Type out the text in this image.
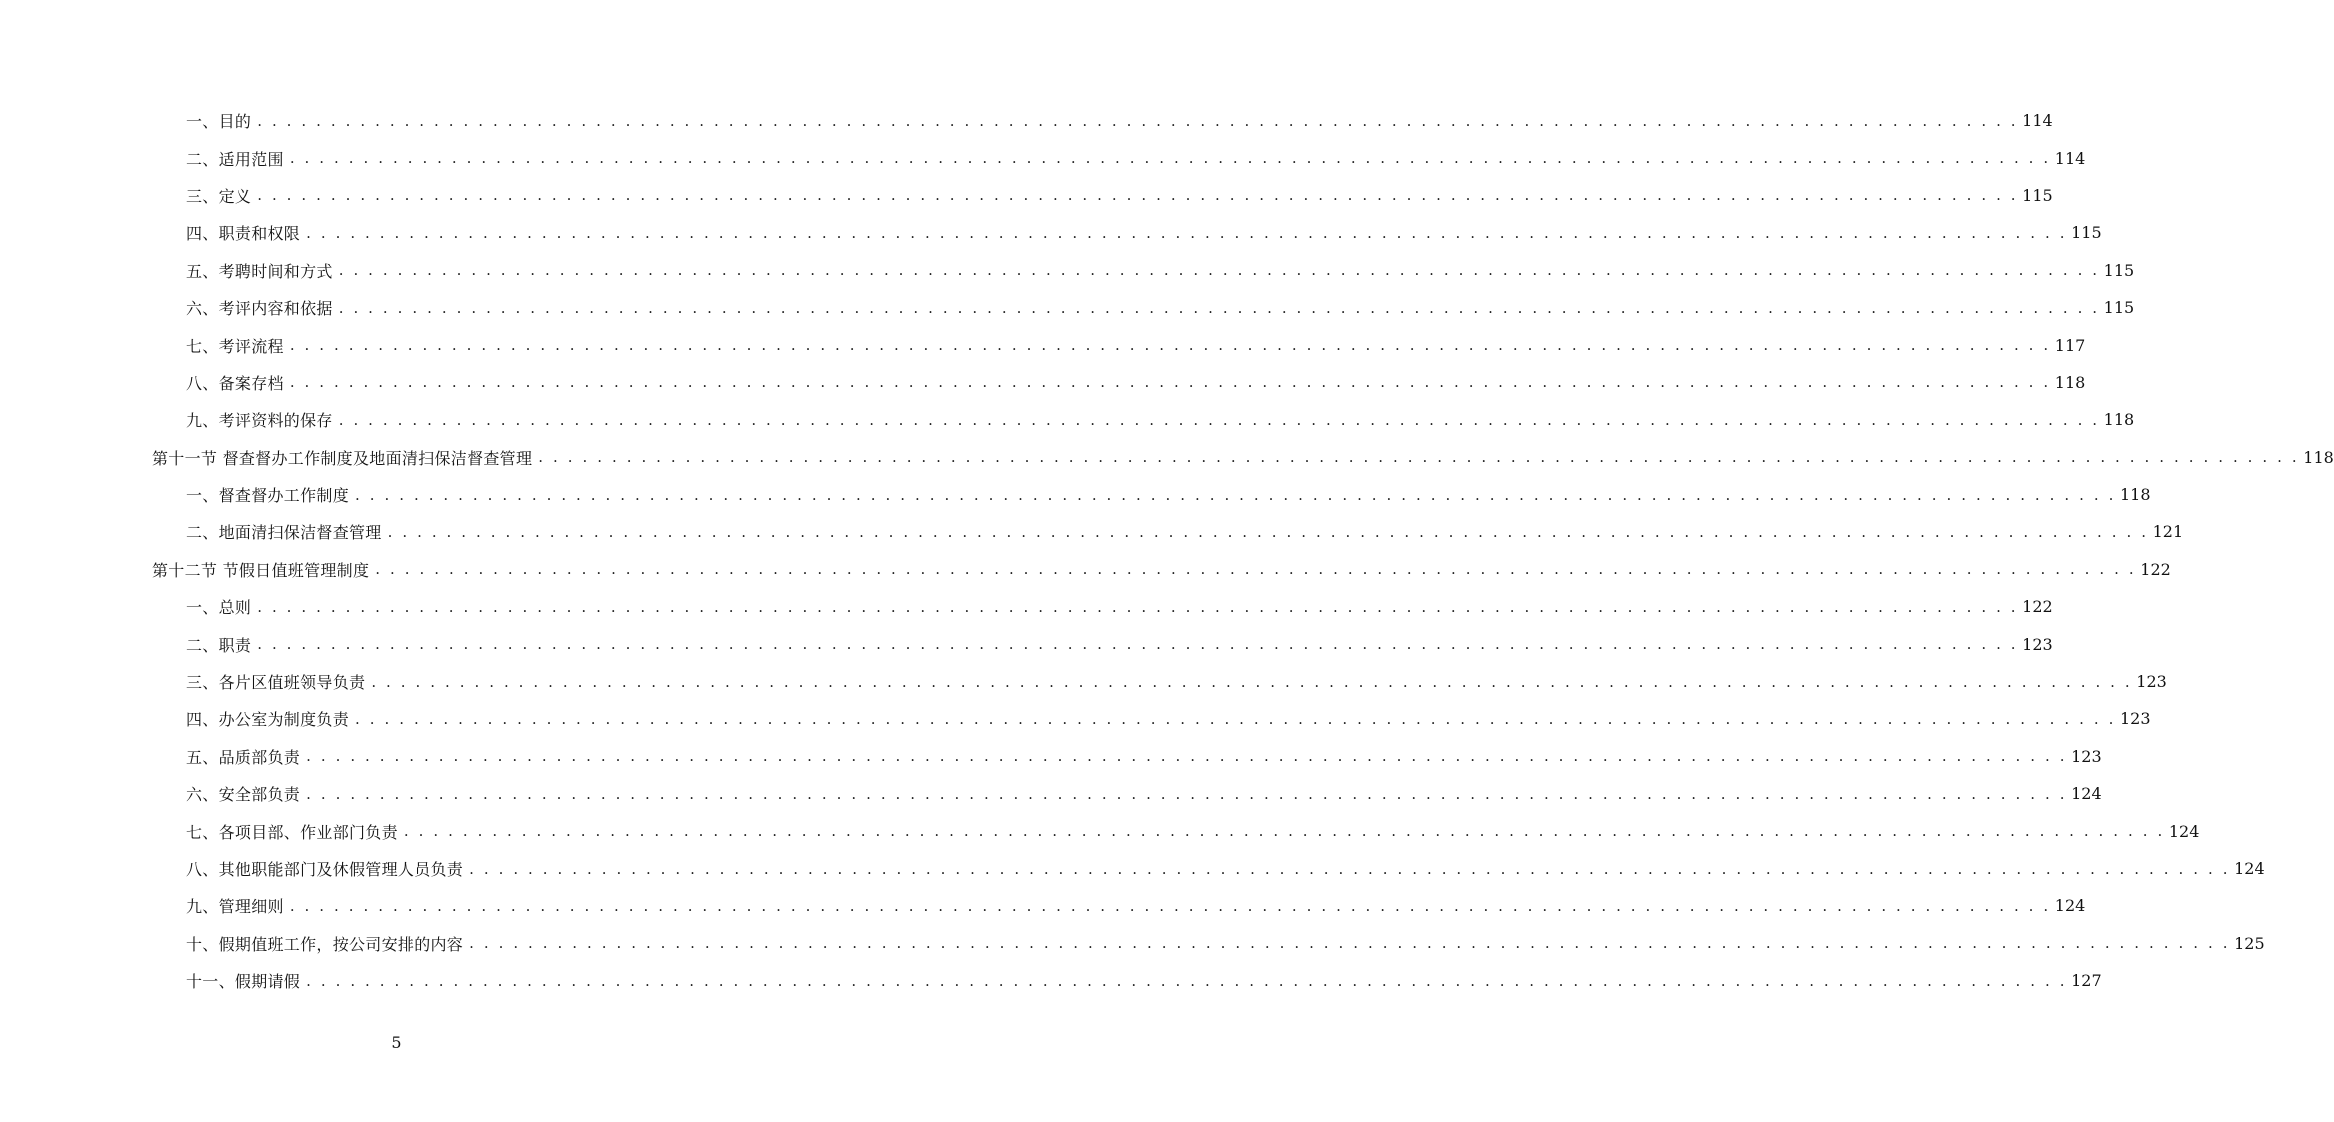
一、目的 . . . . . . . . . . . . . . . . . . . . . . . . . . . . . . . . . . . . . . . . . . . . . . . . . . . . . . . . . . . . . . . . . . . . . . . . . . . . . . . . . . . . . . . . . . . . . . . . . . . . . . . . . . . . . . . . . . . . . . . . 114
二、适用范围 . . . . . . . . . . . . . . . . . . . . . . . . . . . . . . . . . . . . . . . . . . . . . . . . . . . . . . . . . . . . . . . . . . . . . . . . . . . . . . . . . . . . . . . . . . . . . . . . . . . . . . . . . . . . . . . . . . . . . . . . 114
三、定义 . . . . . . . . . . . . . . . . . . . . . . . . . . . . . . . . . . . . . . . . . . . . . . . . . . . . . . . . . . . . . . . . . . . . . . . . . . . . . . . . . . . . . . . . . . . . . . . . . . . . . . . . . . . . . . . . . . . . . . . . 115
四、职责和权限 . . . . . . . . . . . . . . . . . . . . . . . . . . . . . . . . . . . . . . . . . . . . . . . . . . . . . . . . . . . . . . . . . . . . . . . . . . . . . . . . . . . . . . . . . . . . . . . . . . . . . . . . . . . . . . . . . . . . . . . . 115
五、考聘时间和方式 . . . . . . . . . . . . . . . . . . . . . . . . . . . . . . . . . . . . . . . . . . . . . . . . . . . . . . . . . . . . . . . . . . . . . . . . . . . . . . . . . . . . . . . . . . . . . . . . . . . . . . . . . . . . . . . . . . . . . . . . 115
六、考评内容和依据 . . . . . . . . . . . . . . . . . . . . . . . . . . . . . . . . . . . . . . . . . . . . . . . . . . . . . . . . . . . . . . . . . . . . . . . . . . . . . . . . . . . . . . . . . . . . . . . . . . . . . . . . . . . . . . . . . . . . . . . . 115
七、考评流程 . . . . . . . . . . . . . . . . . . . . . . . . . . . . . . . . . . . . . . . . . . . . . . . . . . . . . . . . . . . . . . . . . . . . . . . . . . . . . . . . . . . . . . . . . . . . . . . . . . . . . . . . . . . . . . . . . . . . . . . . 117
八、备案存档 . . . . . . . . . . . . . . . . . . . . . . . . . . . . . . . . . . . . . . . . . . . . . . . . . . . . . . . . . . . . . . . . . . . . . . . . . . . . . . . . . . . . . . . . . . . . . . . . . . . . . . . . . . . . . . . . . . . . . . . . 118
九、考评资料的保存 . . . . . . . . . . . . . . . . . . . . . . . . . . . . . . . . . . . . . . . . . . . . . . . . . . . . . . . . . . . . . . . . . . . . . . . . . . . . . . . . . . . . . . . . . . . . . . . . . . . . . . . . . . . . . . . . . . . . . . . . 118
第十一节 督查督办工作制度及地面清扫保洁督查管理 . . . . . . . . . . . . . . . . . . . . . . . . . . . . . . . . . . . . . . . . . . . . . . . . . . . . . . . . . . . . . . . . . . . . . . . . . . . . . . . . . . . . . . . . . . . . . . . . . . . . . . . . . . . . . . . . . . . . . . . . 118
一、督查督办工作制度 . . . . . . . . . . . . . . . . . . . . . . . . . . . . . . . . . . . . . . . . . . . . . . . . . . . . . . . . . . . . . . . . . . . . . . . . . . . . . . . . . . . . . . . . . . . . . . . . . . . . . . . . . . . . . . . . . . . . . . . . 118
二、地面清扫保洁督查管理 . . . . . . . . . . . . . . . . . . . . . . . . . . . . . . . . . . . . . . . . . . . . . . . . . . . . . . . . . . . . . . . . . . . . . . . . . . . . . . . . . . . . . . . . . . . . . . . . . . . . . . . . . . . . . . . . . . . . . . . . 121
第十二节 节假日值班管理制度 . . . . . . . . . . . . . . . . . . . . . . . . . . . . . . . . . . . . . . . . . . . . . . . . . . . . . . . . . . . . . . . . . . . . . . . . . . . . . . . . . . . . . . . . . . . . . . . . . . . . . . . . . . . . . . . . . . . . . . . . 122
一、总则 . . . . . . . . . . . . . . . . . . . . . . . . . . . . . . . . . . . . . . . . . . . . . . . . . . . . . . . . . . . . . . . . . . . . . . . . . . . . . . . . . . . . . . . . . . . . . . . . . . . . . . . . . . . . . . . . . . . . . . . . 122
二、职责 . . . . . . . . . . . . . . . . . . . . . . . . . . . . . . . . . . . . . . . . . . . . . . . . . . . . . . . . . . . . . . . . . . . . . . . . . . . . . . . . . . . . . . . . . . . . . . . . . . . . . . . . . . . . . . . . . . . . . . . . 123
三、各片区值班领导负责 . . . . . . . . . . . . . . . . . . . . . . . . . . . . . . . . . . . . . . . . . . . . . . . . . . . . . . . . . . . . . . . . . . . . . . . . . . . . . . . . . . . . . . . . . . . . . . . . . . . . . . . . . . . . . . . . . . . . . . . . 123
四、办公室为制度负责 . . . . . . . . . . . . . . . . . . . . . . . . . . . . . . . . . . . . . . . . . . . . . . . . . . . . . . . . . . . . . . . . . . . . . . . . . . . . . . . . . . . . . . . . . . . . . . . . . . . . . . . . . . . . . . . . . . . . . . . . 123
五、品质部负责 . . . . . . . . . . . . . . . . . . . . . . . . . . . . . . . . . . . . . . . . . . . . . . . . . . . . . . . . . . . . . . . . . . . . . . . . . . . . . . . . . . . . . . . . . . . . . . . . . . . . . . . . . . . . . . . . . . . . . . . . 123
六、安全部负责 . . . . . . . . . . . . . . . . . . . . . . . . . . . . . . . . . . . . . . . . . . . . . . . . . . . . . . . . . . . . . . . . . . . . . . . . . . . . . . . . . . . . . . . . . . . . . . . . . . . . . . . . . . . . . . . . . . . . . . . . 124
七、各项目部、作业部门负责 . . . . . . . . . . . . . . . . . . . . . . . . . . . . . . . . . . . . . . . . . . . . . . . . . . . . . . . . . . . . . . . . . . . . . . . . . . . . . . . . . . . . . . . . . . . . . . . . . . . . . . . . . . . . . . . . . . . . . . . . 124
八、其他职能部门及休假管理人员负责 . . . . . . . . . . . . . . . . . . . . . . . . . . . . . . . . . . . . . . . . . . . . . . . . . . . . . . . . . . . . . . . . . . . . . . . . . . . . . . . . . . . . . . . . . . . . . . . . . . . . . . . . . . . . . . . . . . . . . . . . 124
九、管理细则 . . . . . . . . . . . . . . . . . . . . . . . . . . . . . . . . . . . . . . . . . . . . . . . . . . . . . . . . . . . . . . . . . . . . . . . . . . . . . . . . . . . . . . . . . . . . . . . . . . . . . . . . . . . . . . . . . . . . . . . . 124
十、假期值班工作，按公司安排的内容 . . . . . . . . . . . . . . . . . . . . . . . . . . . . . . . . . . . . . . . . . . . . . . . . . . . . . . . . . . . . . . . . . . . . . . . . . . . . . . . . . . . . . . . . . . . . . . . . . . . . . . . . . . . . . . . . . . . . . . . . 125
十一、假期请假 . . . . . . . . . . . . . . . . . . . . . . . . . . . . . . . . . . . . . . . . . . . . . . . . . . . . . . . . . . . . . . . . . . . . . . . . . . . . . . . . . . . . . . . . . . . . . . . . . . . . . . . . . . . . . . . . . . . . . . . . 127
5
